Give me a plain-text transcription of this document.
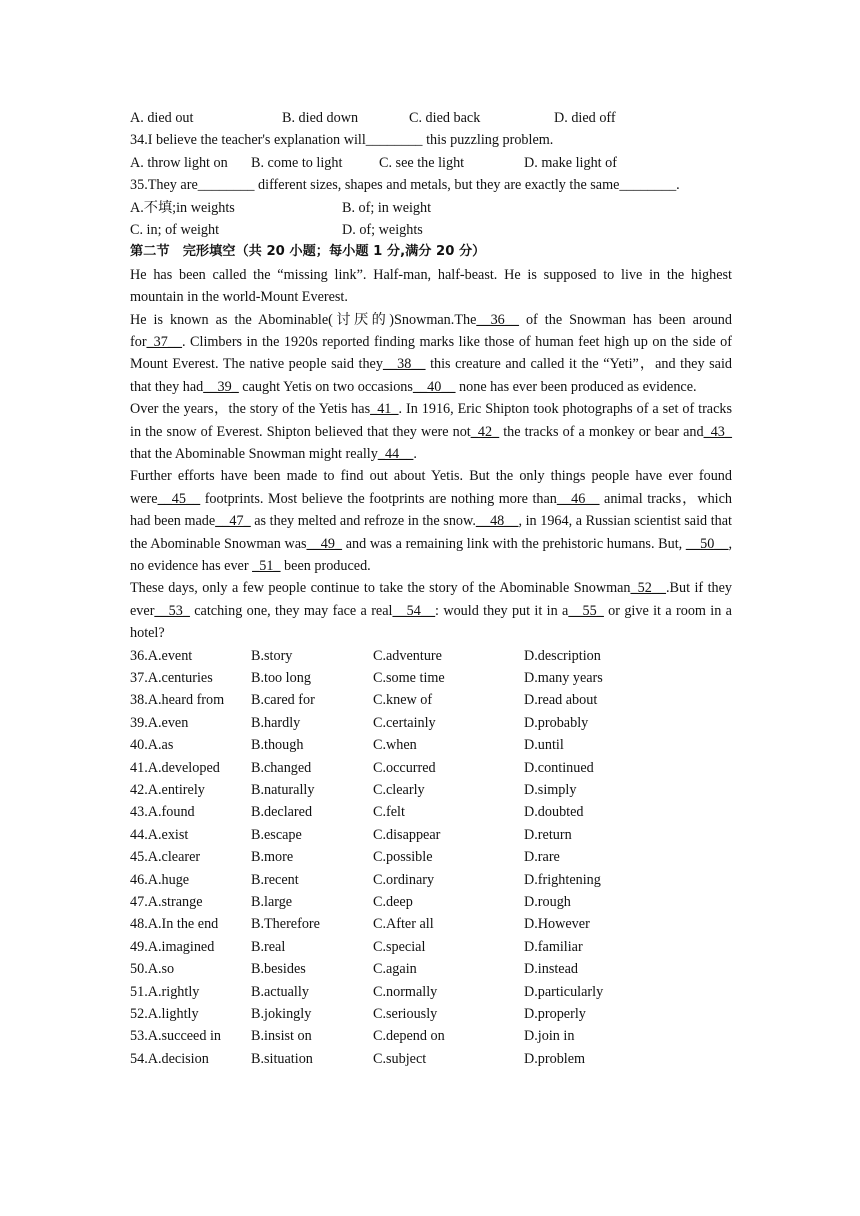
A. died out	B. died down	C. died back	D. died off
34.I believe the teacher's explanation will________ this puzzling problem.
A. throw light on B. come to light	C. see the light	D. make light of
35.They are________ different sizes, shapes and metals, but they are exactly the same________.
A.不填;in weights	B. of; in weight
C. in; of weight	D. of; weights
第二节　完形填空（共 20 小题；每小题 1 分,满分 20 分）

He has been called the “missing link”. Half-man, half-beast. He is supposed to live in the highest mountain in the world-Mount Everest.

He is known as the Abominable(讨厌的)Snowman.The__36__ of the Snowman has been around for_37__. Climbers in the 1920s reported finding marks like those of human feet high up on the side of Mount Everest. The native people said they__38__ this creature and called it the “Yeti”，and they said that they had__39_ caught Yetis on two occasions__40__ none has ever been produced as evidence.

Over the years，the story of the Yetis has_41_. In 1916, Eric Shipton took photographs of a set of tracks in the snow of Everest. Shipton believed that they were not_42_ the tracks of a monkey or bear and_43_ that the Abominable Snowman might really_44__.

Further efforts have been made to find out about Yetis. But the only things people have ever found were__45__ footprints. Most believe the footprints are nothing more than__46__ animal tracks，which had been made__47_ as they melted and refroze in the snow.__48__, in 1964, a Russian scientist said that the Abominable Snowman was__49_ and was a remaining link with the prehistoric humans. But, __50__, no evidence has ever _51_ been produced.

These days, only a few people continue to take the story of the Abominable Snowman_52__.But if they ever__53_ catching one, they may face a real__54__: would they put it in a__55_ or give it a room in a hotel?

36.A.event	B.story	C.adventure	D.description
37.A.centuries	B.too long	C.some time	D.many years
38.A.heard from B.cared for	C.knew of	D.read about
39.A.even	B.hardly	C.certainly	D.probably
40.A.as	B.though	C.when	D.until
41.A.developed B.changed	C.occurred	D.continued
42.A.entirely	B.naturally	C.clearly	D.simply
43.A.found	B.declared	C.felt	D.doubted
44.A.exist	B.escape	C.disappear	D.return
45.A.clearer	B.more	C.possible	D.rare
46.A.huge	B.recent	C.ordinary	D.frightening
47.A.strange	B.large	C.deep	D.rough
48.A.In the end B.Therefore	C.After all	D.However
49.A.imagined	B.real	C.special	D.familiar
50.A.so	B.besides	C.again	D.instead
51.A.rightly	B.actually	C.normally	D.particularly
52.A.lightly	B.jokingly	C.seriously	D.properly
53.A.succeed in B.insist on	C.depend on	D.join in
54.A.decision	B.situation	C.subject	D.problem
